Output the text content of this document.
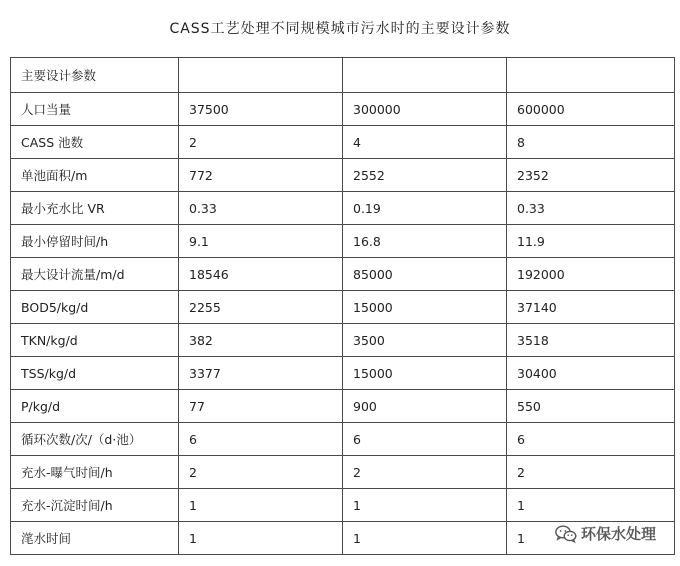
CASS工艺处理不同规模城市污水时的主要设计参数
主要设计参数			
人口当量	37500	300000	600000
CASS 池数	2	4	8
单池面积/m	772	2552	2352
最小充水比 VR	0.33	0.19	0.33
最小停留时间/h	9.1	16.8	11.9
最大设计流量/m/d	18546	85000	192000
BOD5/kg/d	2255	15000	37140
TKN/kg/d	382	3500	3518
TSS/kg/d	3377	15000	30400
P/kg/d	77	900	550
循环次数/次/（d·池）	6	6	6
充水-曝气时间/h	2	2	2
充水-沉淀时间/h	1	1	1
滗水时间	1	1	1	环保水处理
